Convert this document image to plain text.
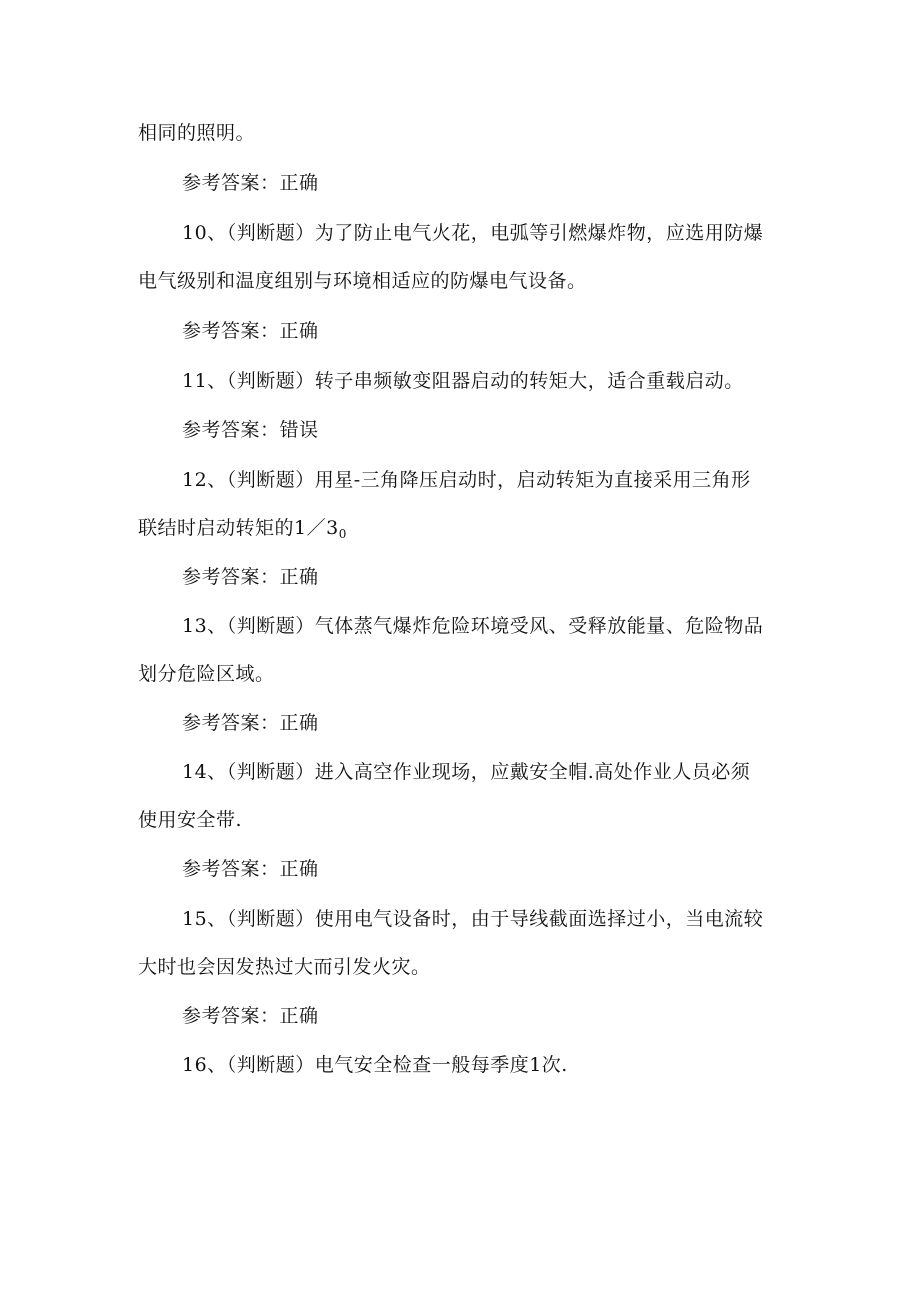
相同的照明。
参考答案：正确
10、（判断题）为了防止电气火花，电弧等引燃爆炸物，应选用防爆
电气级别和温度组别与环境相适应的防爆电气设备。
参考答案：正确
11、（判断题）转子串频敏变阻器启动的转矩大，适合重载启动。
参考答案：错误
12、（判断题）用星-三角降压启动时，启动转矩为直接采用三角形
联结时启动转矩的$1/3_0$
参考答案：正确
13、（判断题）气体蒸气爆炸危险环境受风、受释放能量、危险物品
划分危险区域。
参考答案：正确
14、（判断题）进入高空作业现场，应戴安全帽.高处作业人员必须
使用安全带.
参考答案：正确
15、（判断题）使用电气设备时，由于导线截面选择过小，当电流较
大时也会因发热过大而引发火灾。
参考答案：正确
16、（判断题）电气安全检查一般每季度1次.
